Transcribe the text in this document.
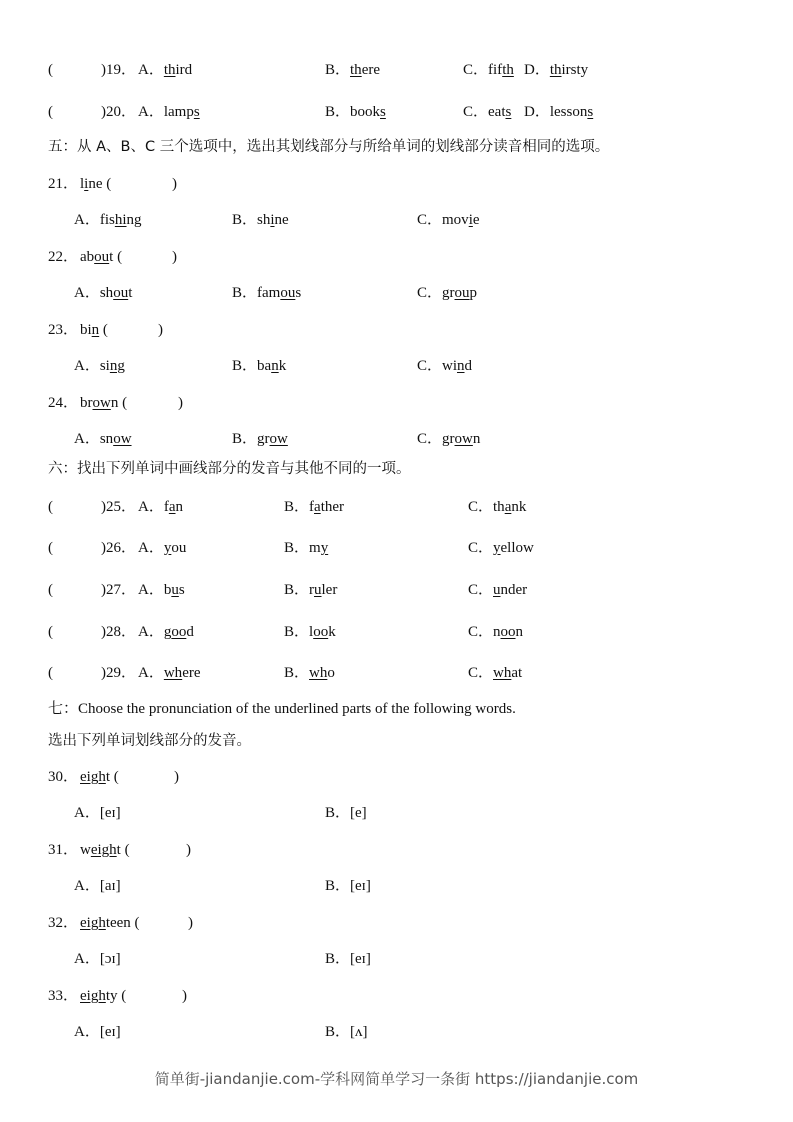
(	)19． A．third	B．there	C．fifth D．thirsty
(	)20． A．lamps	B．books	C．eats D．lessons
五：从 A、B、C 三个选项中，选出其划线部分与所给单词的划线部分读音相同的选项。
21． line (	)
A．fishing	B．shine	C．movie
22． about (	)
A．shout	B．famous	C．group
23． bin (	)
A．sing	B．bank	C．wind
24． brown (	)
A．snow	B．grow	C．grown
六：找出下列单词中画线部分的发音与其他不同的一项。
(	)25． A．fan	B．father	C．thank
(	)26． A．you	B．my	C．yellow
(	)27． A．bus	B．ruler	C．under
(	)28． A．good	B．look	C．noon
(	)29． A．where	B．who	C．what
七：Choose the pronunciation of the underlined parts of the following words.
选出下列单词划线部分的发音。
30． eight (	)
A．[eɪ]	B．[e]
31． weight (	)
A．[aɪ]	B．[eɪ]
32． eighteen (	)
A．[ɔɪ]	B．[eɪ]
33． eighty (	)
A．[eɪ]	B．[ʌ]
简单街-jiandanjie.com-学科网简单学习一条街 https://jiandanjie.com
